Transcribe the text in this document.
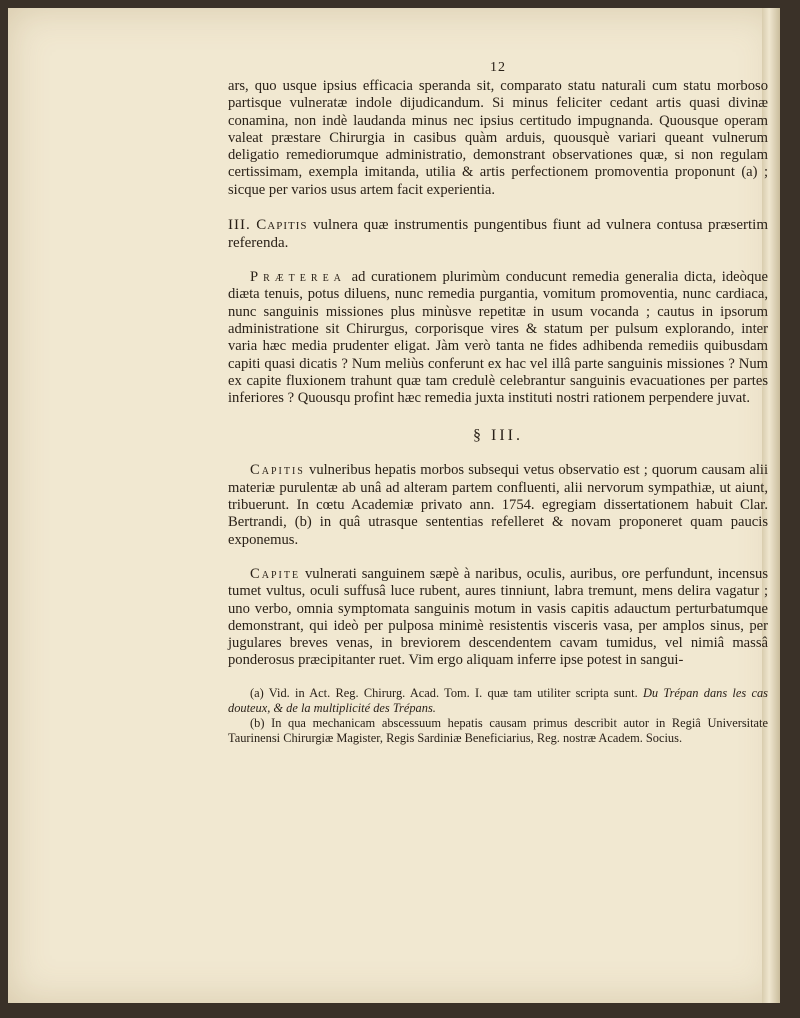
12

ars, quo usque ipsius efficacia speranda sit, comparato statu naturali cum statu morboso partisque vulneratæ indole dijudicandum. Si minus feliciter cedant artis quasi divinæ conamina, non indè laudanda minus nec ipsius certitudo impugnanda. Quousque operam valeat præstare Chirurgia in casibus quàm arduis, quousquè variari queant vulnerum deligatio remediorumque administratio, demonstrant observationes quæ, si non regulam certissimam, exempla imitanda, utilia & artis perfectionem promoventia proponunt (a) ; sicque per varios usus artem facit experientia.

III. Capitis vulnera quæ instrumentis pungentibus fiunt ad vulnera contusa præsertim referenda.

Præterea ad curationem plurimùm conducunt remedia generalia dicta, ideòque diæta tenuis, potus diluens, nunc remedia purgantia, vomitum promoventia, nunc cardiaca, nunc sanguinis missiones plus minùsve repetitæ in usum vocanda ; cautus in ipsorum administratione sit Chirurgus, corporisque vires & statum per pulsum explorando, inter varia hæc media prudenter eligat. Jàm verò tanta ne fides adhibenda remediis quibusdam capiti quasi dicatis ? Num meliùs conferunt ex hac vel illâ parte sanguinis missiones ? Num ex capite fluxionem trahunt quæ tam credulè celebrantur sanguinis evacuationes per partes inferiores ? Quousqu profint hæc remedia juxta instituti nostri rationem perpendere juvat.

§ III.

Capitis vulneribus hepatis morbos subsequi vetus observatio est ; quorum causam alii materiæ purulentæ ab unâ ad alteram partem confluenti, alii nervorum sympathiæ, ut aiunt, tribuerunt. In cœtu Academiæ privato ann. 1754. egregiam dissertationem habuit Clar. Bertrandi, (b) in quâ utrasque sententias refelleret & novam proponeret quam paucis exponemus.

Capite vulnerati sanguinem sæpè à naribus, oculis, auribus, ore perfundunt, incensus tumet vultus, oculi suffusâ luce rubent, aures tinniunt, labra tremunt, mens delira vagatur ; uno verbo, omnia symptomata sanguinis motum in vasis capitis adauctum perturbatumque demonstrant, qui ideò per pulposa minimè resistentis visceris vasa, per amplos sinus, per jugulares breves venas, in breviorem descendentem cavam tumidus, vel nimiâ massâ ponderosus præcipitanter ruet. Vim ergo aliquam inferre ipse potest in sangui-

(a) Vid. in Act. Reg. Chirurg. Acad. Tom. I. quæ tam utiliter scripta sunt. Du Trépan dans les cas douteux, & de la multiplicité des Trépans.

(b) In qua mechanicam abscessuum hepatis causam primus describit autor in Regiâ Universitate Taurinensi Chirurgiæ Magister, Regis Sardiniæ Beneficiarius, Reg. nostræ Academ. Socius.
